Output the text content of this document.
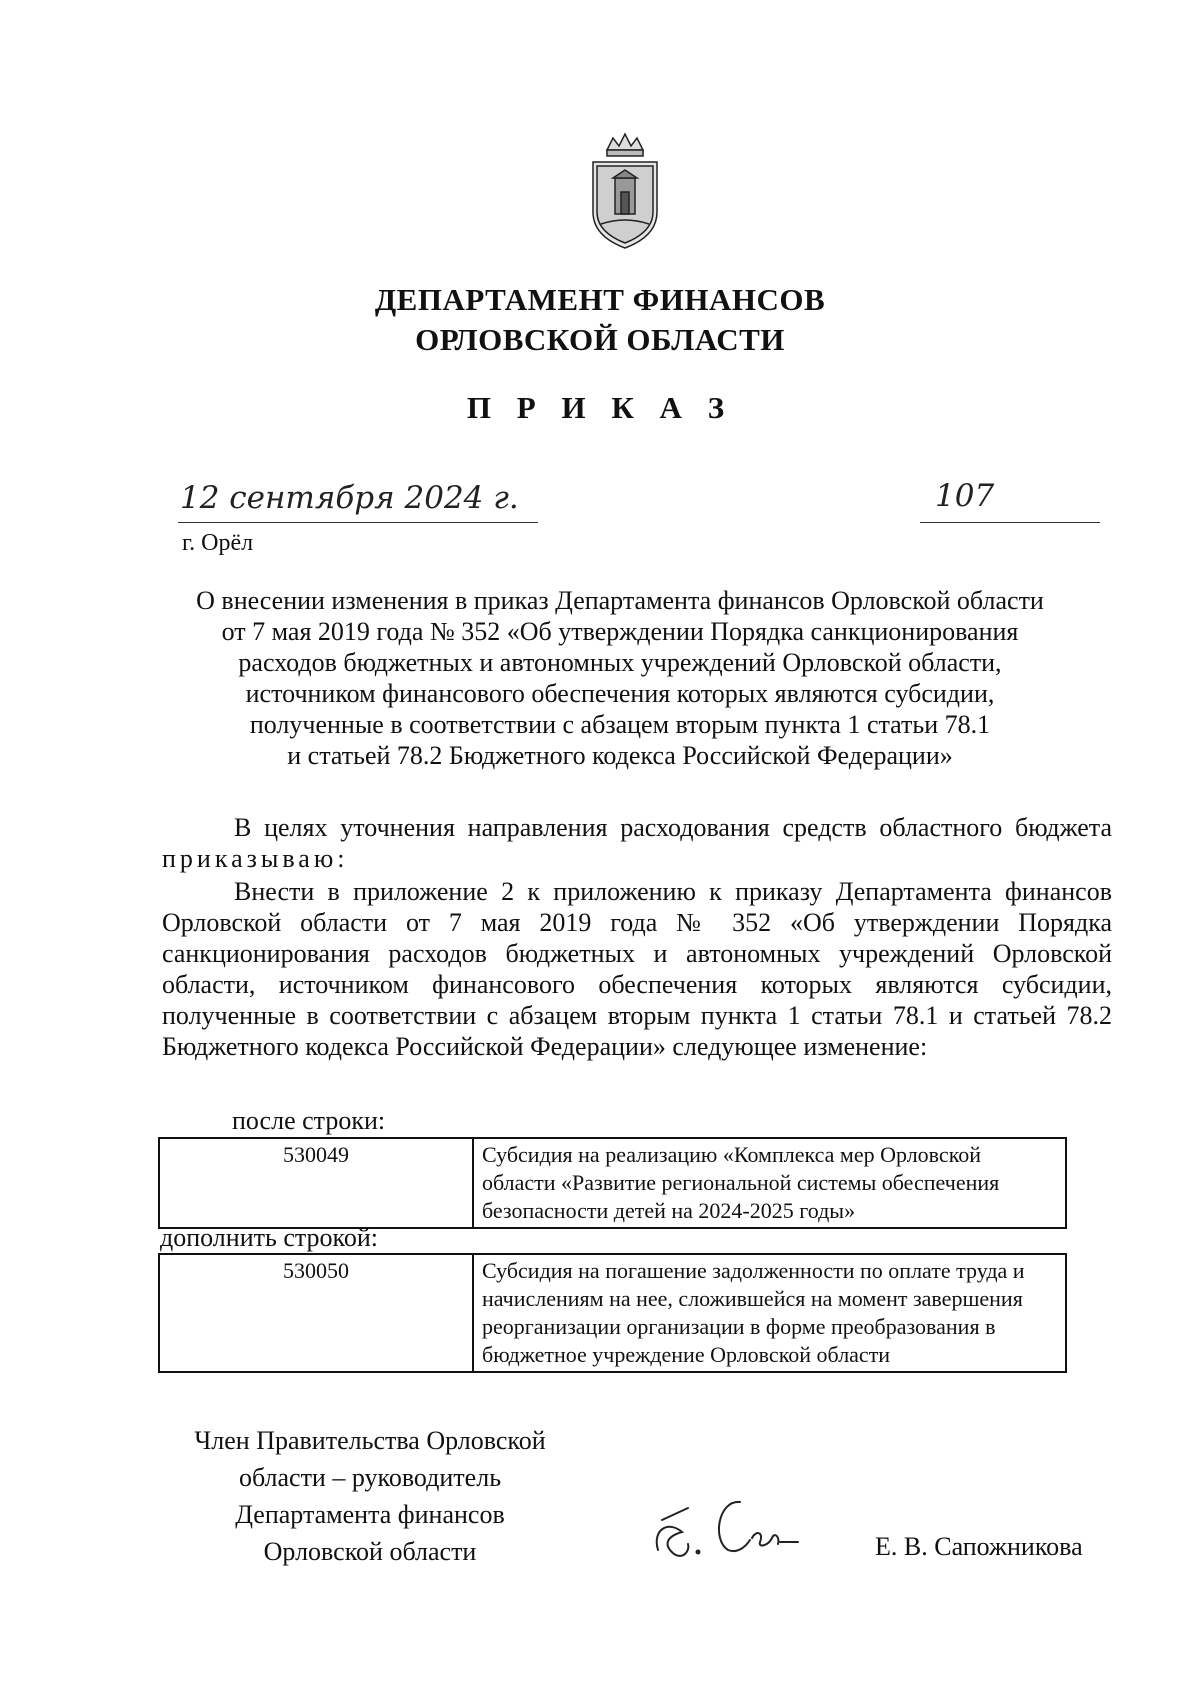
ДЕПАРТАМЕНТ ФИНАНСОВ
ОРЛОВСКОЙ ОБЛАСТИ
П Р И К А З
12 сентября 2024 г.	107
г. Орёл
О внесении изменения в приказ Департамента финансов Орловской области
от 7 мая 2019 года № 352 «Об утверждении Порядка санкционирования
расходов бюджетных и автономных учреждений Орловской области,
источником финансового обеспечения которых являются субсидии,
полученные в соответствии с абзацем вторым пункта 1 статьи 78.1
и статьей 78.2 Бюджетного кодекса Российской Федерации»
В целях уточнения направления расходования средств областного бюджета приказываю:
Внести в приложение 2 к приложению к приказу Департамента финансов Орловской области от 7 мая 2019 года № 352 «Об утверждении Порядка санкционирования расходов бюджетных и автономных учреждений Орловской области, источником финансового обеспечения которых являются субсидии, полученные в соответствии с абзацем вторым пункта 1 статьи 78.1 и статьей 78.2 Бюджетного кодекса Российской Федерации» следующее изменение:
после строки:
530049	Субсидия на реализацию «Комплекса мер Орловской
области «Развитие региональной системы обеспечения
безопасности детей на 2024-2025 годы»
дополнить строкой:
530050	Субсидия на погашение задолженности по оплате труда и
начислениям на нее, сложившейся на момент завершения
реорганизации организации в форме преобразования в
бюджетное учреждение Орловской области
Член Правительства Орловской
области – руководитель
Департамента финансов
Орловской области	Е. В. Сапожникова
